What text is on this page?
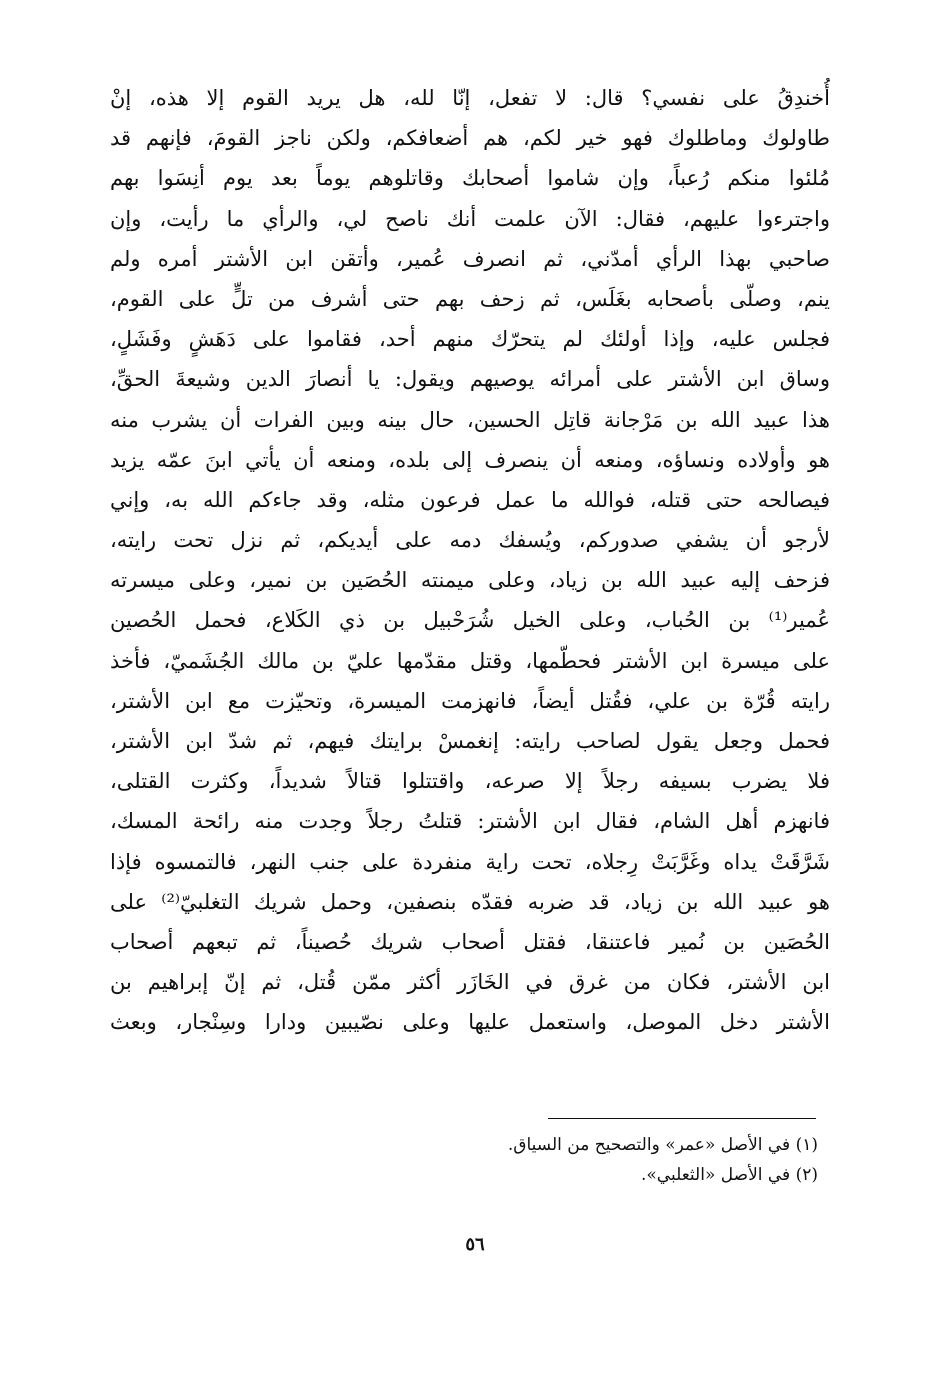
أُخندِقُ على نفسي؟ قال: لا تفعل، إنّا لله، هل يريد القوم إلا هذه، إنْ
طاولوك وماطلوك فهو خير لكم، هم أضعافكم، ولكن ناجز القومَ، فإنهم قد
مُلئوا منكم رُعباً، وإن شاموا أصحابك وقاتلوهم يوماً بعد يوم أنِسَوا بهم
واجترءوا عليهم، فقال: الآن علمت أنك ناصح لي، والرأي ما رأيت، وإن
صاحبي بهذا الرأي أمدّني، ثم انصرف عُمير، وأتقن ابن الأشتر أمره ولم
ينم، وصلّى بأصحابه بغَلَس، ثم زحف بهم حتى أشرف من تلٍّ على القوم،
فجلس عليه، وإذا أولئك لم يتحرّك منهم أحد، فقاموا على دَهَشٍ وفَشَلٍ،
وساق ابن الأشتر على أمرائه يوصيهم ويقول: يا أنصارَ الدين وشيعةَ الحقِّ،
هذا عبيد الله بن مَرْجانة قاتِل الحسين، حال بينه وبين الفرات أن يشرب منه
هو وأولاده ونساؤه، ومنعه أن ينصرف إلى بلده، ومنعه أن يأتي ابنَ عمّه يزيد
فيصالحه حتى قتله، فوالله ما عمل فرعون مثله، وقد جاءكم الله به، وإني
لأرجو أن يشفي صدوركم، ويُسفك دمه على أيديكم، ثم نزل تحت رايته،
فزحف إليه عبيد الله بن زياد، وعلى ميمنته الحُصَين بن نمير، وعلى ميسرته
عُمير⁽¹⁾ بن الحُباب، وعلى الخيل شُرَحْبيل بن ذي الكَلاع، فحمل الحُصين
على ميسرة ابن الأشتر فحطّمها، وقتل مقدّمها عليّ بن مالك الجُشَميّ، فأخذ
رايته قُرّة بن علي، فقُتل أيضاً، فانهزمت الميسرة، وتحيّزت مع ابن الأشتر،
فحمل وجعل يقول لصاحب رايته: إنغمسْ برايتك فيهم، ثم شدّ ابن الأشتر،
فلا يضرب بسيفه رجلاً إلا صرعه، واقتتلوا قتالاً شديداً، وكثرت القتلى،
فانهزم أهل الشام، فقال ابن الأشتر: قتلتُ رجلاً وجدت منه رائحة المسك،
شَرَّقَتْ يداه وغَرَّبَتْ رِجلاه، تحت راية منفردة على جنب النهر، فالتمسوه فإذا
هو عبيد الله بن زياد، قد ضربه فقدّه بنصفين، وحمل شريك التغلبيّ⁽²⁾ على
الحُصَين بن نُمير فاعتنقا، فقتل أصحاب شريك حُصيناً، ثم تبعهم أصحاب
ابن الأشتر، فكان من غرق في الخَازَر أكثر ممّن قُتل، ثم إنّ إبراهيم بن
الأشتر دخل الموصل، واستعمل عليها وعلى نصّيبين ودارا وسِنْجار، وبعث
(١) في الأصل «عمر» والتصحيح من السياق.
(٢) في الأصل «الثعلبي».
٥٦
